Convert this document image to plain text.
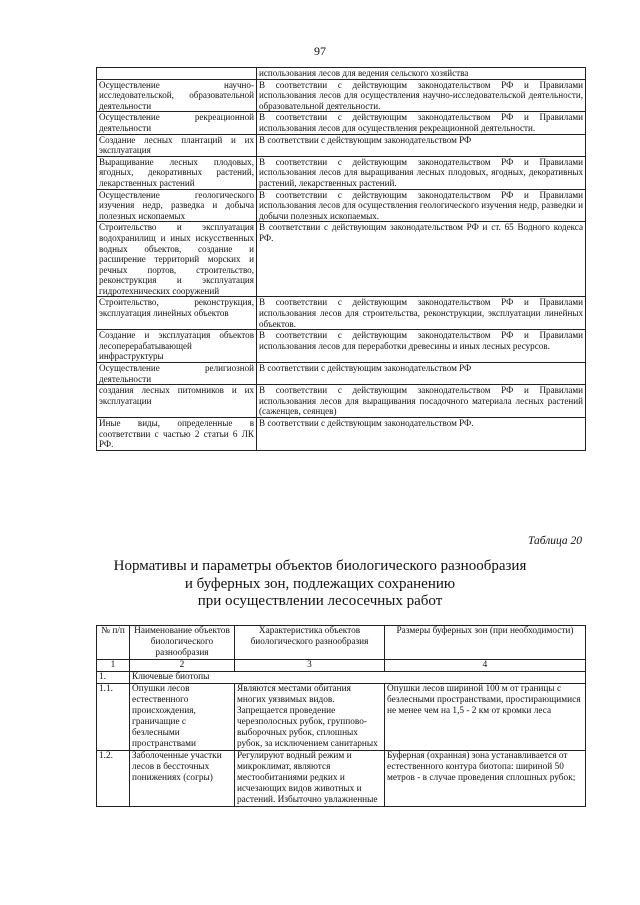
97
	использования лесов для ведения сельского хозяйства
Осуществление научно-исследовательской, образовательной деятельности	В соответствии с действующим законодательством РФ и Правилами использования лесов для осуществления научно-исследовательской деятельности, образовательной деятельности.
Осуществление рекреационной деятельности	В соответствии с действующим законодательством РФ и Правилами использования лесов для осуществления рекреационной деятельности.
Создание лесных плантаций и их эксплуатация	В соответствии с действующим законодательством РФ
Выращивание лесных плодовых, ягодных, декоративных растений, лекарственных растений	В соответствии с действующим законодательством РФ и Правилами использования лесов для выращивания лесных плодовых, ягодных, декоративных растений, лекарственных растений.
Осуществление геологического изучения недр, разведка и добыча полезных ископаемых	В соответствии с действующим законодательством РФ и Правилами использования лесов для осуществления геологического изучения недр, разведки и добычи полезных ископаемых.
Строительство и эксплуатация водохранилищ и иных искусственных водных объектов, создание и расширение территорий морских и речных портов, строительство, реконструкция и эксплуатация гидротехнических сооружений	В соответствии с действующим законодательством РФ и ст. 65 Водного кодекса РФ.
Строительство, реконструкция, эксплуатация линейных объектов	В соответствии с действующим законодательством РФ и Правилами использования лесов для строительства, реконструкции, эксплуатации линейных объектов.
Создание и эксплуатация объектов лесоперерабатывающей инфраструктуры	В соответствии с действующим законодательством РФ и Правилами использования лесов для переработки древесины и иных лесных ресурсов.
Осуществление религиозной деятельности	В соответствии с действующим законодательством РФ
создания лесных питомников и их эксплуатации	В соответствии с действующим законодательством РФ и Правилами использования лесов для выращивания посадочного материала лесных растений (саженцев, сеянцев)
Иные виды, определенные в соответствии с частью 2 статьи 6 ЛК РФ.	В соответствии с действующим законодательством РФ.
Таблица 20
Нормативы и параметры объектов биологического разнообразия
и буферных зон, подлежащих сохранению
при осуществлении лесосечных работ
№ п/п	Наименование объектов биологического разнообразия	Характеристика объектов биологического разнообразия	Размеры буферных зон (при необходимости)
1	2	3	4
1.	Ключевые биотопы		
1.1.	Опушки лесов естественного происхождения, граничащие с безлесными пространствами	Являются местами обитания многих уязвимых видов. Запрещается проведение черезполосных рубок, группово-выборочных рубок, сплошных рубок, за исключением санитарных	Опушки лесов шириной 100 м от границы с безлесными пространствами, простирающимися не менее чем на 1,5 - 2 км от кромки леса
1.2.	Заболоченные участки лесов в бессточных понижениях (согры)	Регулируют водный режим и микроклимат, являются местообитаниями редких и исчезающих видов животных и растений. Избыточно увлажненные	Буферная (охранная) зона устанавливается от естественного контура биотопа: шириной 50 метров - в случае проведения сплошных рубок;
